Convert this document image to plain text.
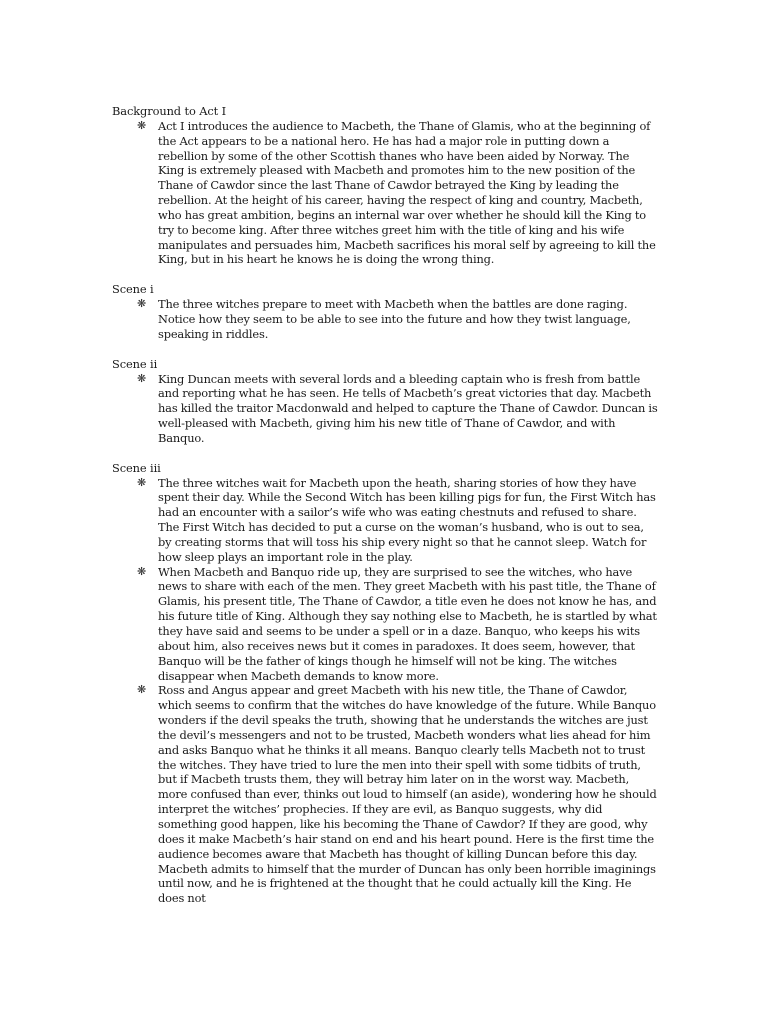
Background to Act I

❋ Act I introduces the audience to Macbeth, the Thane of Glamis, who at the beginning of the Act appears to be a national hero. He has had a major role in putting down a rebellion by some of the other Scottish thanes who have been aided by Norway. The King is extremely pleased with Macbeth and promotes him to the new position of the Thane of Cawdor since the last Thane of Cawdor betrayed the King by leading the rebellion. At the height of his career, having the respect of king and country, Macbeth, who has great ambition, begins an internal war over whether he should kill the King to try to become king. After three witches greet him with the title of king and his wife manipulates and persuades him, Macbeth sacrifices his moral self by agreeing to kill the King, but in his heart he knows he is doing the wrong thing.

Scene i

❋ The three witches prepare to meet with Macbeth when the battles are done raging. Notice how they seem to be able to see into the future and how they twist language, speaking in riddles.

Scene ii

❋ King Duncan meets with several lords and a bleeding captain who is fresh from battle and reporting what he has seen. He tells of Macbeth’s great victories that day. Macbeth has killed the traitor Macdonwald and helped to capture the Thane of Cawdor. Duncan is well-pleased with Macbeth, giving him his new title of Thane of Cawdor, and with Banquo.

Scene iii

❋ The three witches wait for Macbeth upon the heath, sharing stories of how they have spent their day. While the Second Witch has been killing pigs for fun, the First Witch has had an encounter with a sailor’s wife who was eating chestnuts and refused to share. The First Witch has decided to put a curse on the woman’s husband, who is out to sea, by creating storms that will toss his ship every night so that he cannot sleep. Watch for how sleep plays an important role in the play.
❋ When Macbeth and Banquo ride up, they are surprised to see the witches, who have news to share with each of the men. They greet Macbeth with his past title, the Thane of Glamis, his present title, The Thane of Cawdor, a title even he does not know he has, and his future title of King. Although they say nothing else to Macbeth, he is startled by what they have said and seems to be under a spell or in a daze. Banquo, who keeps his wits about him, also receives news but it comes in paradoxes. It does seem, however, that Banquo will be the father of kings though he himself will not be king. The witches disappear when Macbeth demands to know more.
❋ Ross and Angus appear and greet Macbeth with his new title, the Thane of Cawdor, which seems to confirm that the witches do have knowledge of the future. While Banquo wonders if the devil speaks the truth, showing that he understands the witches are just the devil’s messengers and not to be trusted, Macbeth wonders what lies ahead for him and asks Banquo what he thinks it all means. Banquo clearly tells Macbeth not to trust the witches. They have tried to lure the men into their spell with some tidbits of truth, but if Macbeth trusts them, they will betray him later on in the worst way. Macbeth, more confused than ever, thinks out loud to himself (an aside), wondering how he should interpret the witches’ prophecies. If they are evil, as Banquo suggests, why did something good happen, like his becoming the Thane of Cawdor? If they are good, why does it make Macbeth’s hair stand on end and his heart pound. Here is the first time the audience becomes aware that Macbeth has thought of killing Duncan before this day. Macbeth admits to himself that the murder of Duncan has only been horrible imaginings until now, and he is frightened at the thought that he could actually kill the King. He does not
